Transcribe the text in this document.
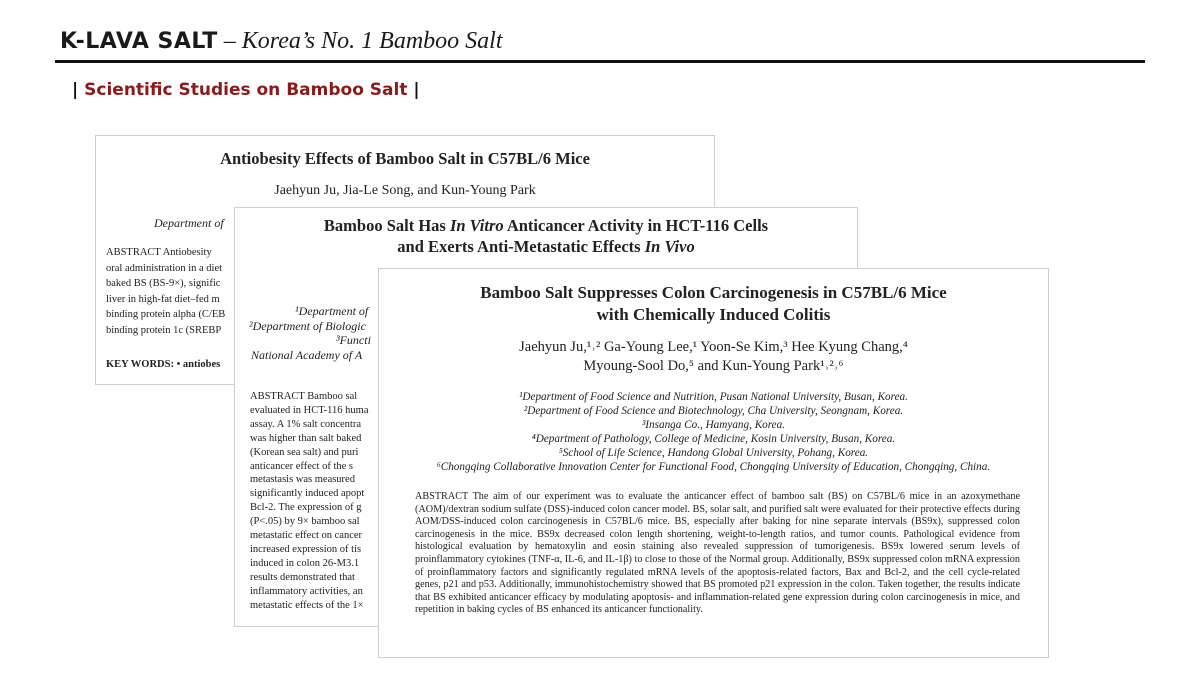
K-LAVA SALT – Korea’s No. 1 Bamboo Salt
| Scientific Studies on Bamboo Salt |
Antiobesity Effects of Bamboo Salt in C57BL/6 Mice
Jaehyun Ju, Jia-Le Song, and Kun-Young Park
Department of
ABSTRACT Antiobesity
oral administration in a diet
baked BS (BS-9×), signific
liver in high-fat diet–fed m
binding protein alpha (C/EB
binding protein 1c (SREBP
KEY WORDS: • antiobes
Bamboo Salt Has In Vitro Anticancer Activity in HCT-116 Cells
and Exerts Anti-Metastatic Effects In Vivo
¹Department of
²Department of Biologic
³Functi
National Academy of A
ABSTRACT Bamboo sal
evaluated in HCT-116 huma
assay. A 1% salt concentra
was higher than salt baked
(Korean sea salt) and puri
anticancer effect of the s
metastasis was measured
significantly induced apopt
Bcl-2. The expression of g
(P<.05) by 9× bamboo sal
metastatic effect on cancer
increased expression of tis
induced in colon 26-M3.1
results demonstrated that
inflammatory activities, an
metastatic effects of the 1×
Bamboo Salt Suppresses Colon Carcinogenesis in C57BL/6 Mice
with Chemically Induced Colitis
Jaehyun Ju,¹˒² Ga-Young Lee,¹ Yoon-Se Kim,³ Hee Kyung Chang,⁴
Myoung-Sool Do,⁵ and Kun-Young Park¹˒²˒⁶
¹Department of Food Science and Nutrition, Pusan National University, Busan, Korea.
²Department of Food Science and Biotechnology, Cha University, Seongnam, Korea.
³Insanga Co., Hamyang, Korea.
⁴Department of Pathology, College of Medicine, Kosin University, Busan, Korea.
⁵School of Life Science, Handong Global University, Pohang, Korea.
⁶Chongqing Collaborative Innovation Center for Functional Food, Chongqing University of Education, Chongqing, China.
ABSTRACT The aim of our experiment was to evaluate the anticancer effect of bamboo salt (BS) on C57BL/6 mice in an azoxymethane (AOM)/dextran sodium sulfate (DSS)-induced colon cancer model. BS, solar salt, and purified salt were evaluated for their protective effects during AOM/DSS-induced colon carcinogenesis in C57BL/6 mice. BS, especially after baking for nine separate intervals (BS9x), suppressed colon carcinogenesis in the mice. BS9x decreased colon length shortening, weight-to-length ratios, and tumor counts. Pathological evidence from histological evaluation by hematoxylin and eosin staining also revealed suppression of tumorigenesis. BS9x lowered serum levels of proinflammatory cytokines (TNF-α, IL-6, and IL-1β) to close to those of the Normal group. Additionally, BS9x suppressed colon mRNA expression of proinflammatory factors and significantly regulated mRNA levels of the apoptosis-related factors, Bax and Bcl-2, and the cell cycle-related genes, p21 and p53. Additionally, immunohistochemistry showed that BS promoted p21 expression in the colon. Taken together, the results indicate that BS exhibited anticancer efficacy by modulating apoptosis- and inflammation-related gene expression during colon carcinogenesis in mice, and repetition in baking cycles of BS enhanced its anticancer functionality.
